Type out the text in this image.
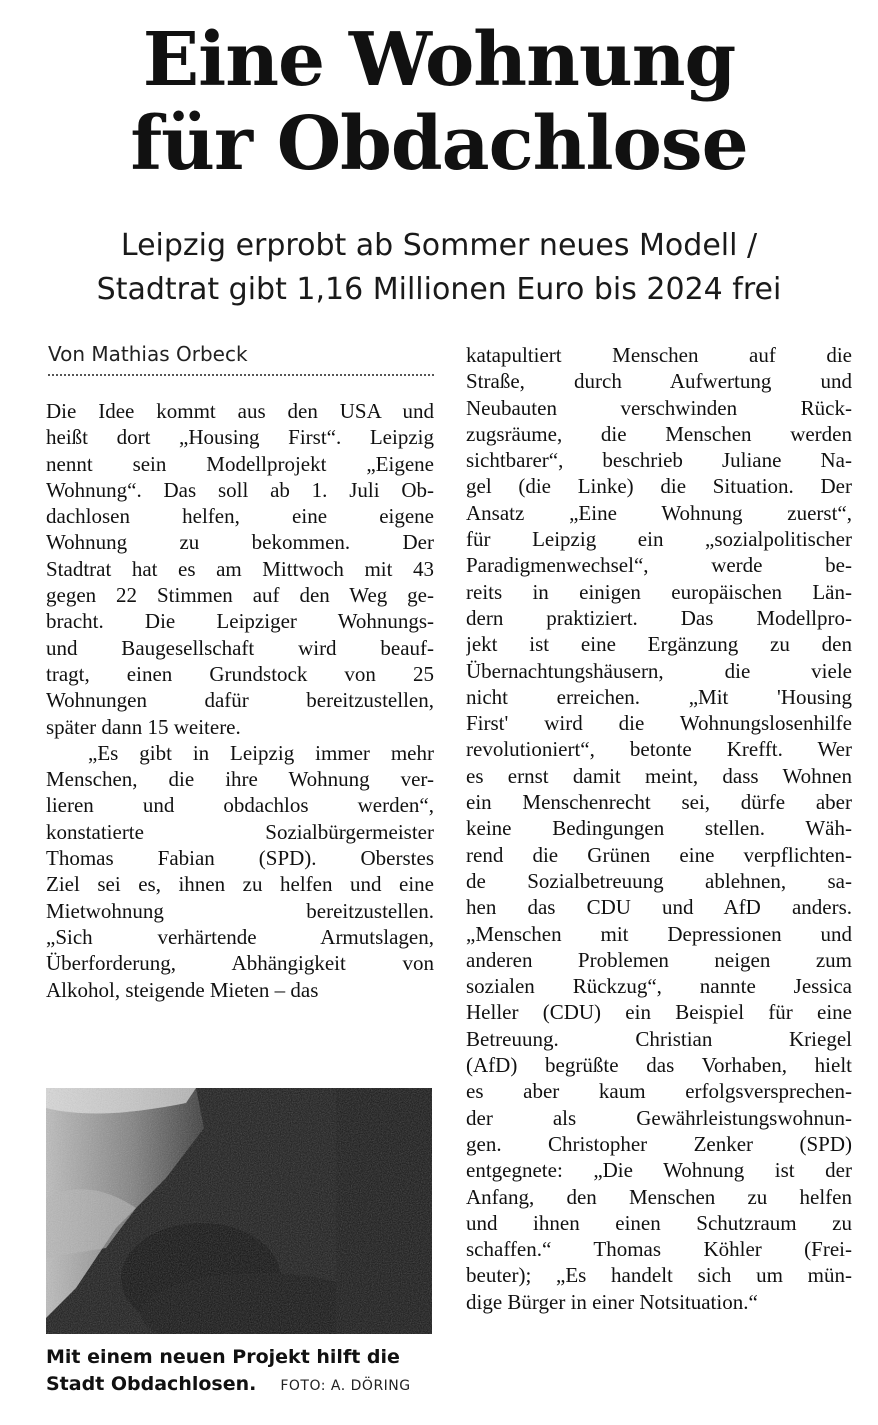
Eine Wohnung
für Obdachlose
Leipzig erprobt ab Sommer neues Modell /
Stadtrat gibt 1,16 Millionen Euro bis 2024 frei
Von Mathias Orbeck
Die Idee kommt aus den USA und
heißt dort „Housing First“. Leipzig
nennt sein Modellprojekt „Eigene
Wohnung“. Das soll ab 1. Juli Ob-
dachlosen helfen, eine eigene
Wohnung zu bekommen. Der
Stadtrat hat es am Mittwoch mit 43
gegen 22 Stimmen auf den Weg ge-
bracht. Die Leipziger Wohnungs-
und Baugesellschaft wird beauf-
tragt, einen Grundstock von 25
Wohnungen dafür bereitzustellen,
später dann 15 weitere.
„Es gibt in Leipzig immer mehr
Menschen, die ihre Wohnung ver-
lieren und obdachlos werden“,
konstatierte Sozialbürgermeister
Thomas Fabian (SPD). Oberstes
Ziel sei es, ihnen zu helfen und eine
Mietwohnung bereitzustellen.
„Sich verhärtende Armutslagen,
Überforderung, Abhängigkeit von
Alkohol, steigende Mieten – das
katapultiert Menschen auf die
Straße, durch Aufwertung und
Neubauten verschwinden Rück-
zugsräume, die Menschen werden
sichtbarer“, beschrieb Juliane Na-
gel (die Linke) die Situation. Der
Ansatz „Eine Wohnung zuerst“,
für Leipzig ein „sozialpolitischer
Paradigmenwechsel“, werde be-
reits in einigen europäischen Län-
dern praktiziert. Das Modellpro-
jekt ist eine Ergänzung zu den
Übernachtungshäusern, die viele
nicht erreichen. „Mit 'Housing
First' wird die Wohnungslosenhilfe
revolutioniert“, betonte Krefft. Wer
es ernst damit meint, dass Wohnen
ein Menschenrecht sei, dürfe aber
keine Bedingungen stellen. Wäh-
rend die Grünen eine verpflichten-
de Sozialbetreuung ablehnen, sa-
hen das CDU und AfD anders.
„Menschen mit Depressionen und
anderen Problemen neigen zum
sozialen Rückzug“, nannte Jessica
Heller (CDU) ein Beispiel für eine
Betreuung. Christian Kriegel
(AfD) begrüßte das Vorhaben, hielt
es aber kaum erfolgsversprechen-
der als Gewährleistungswohnun-
gen. Christopher Zenker (SPD)
entgegnete: „Die Wohnung ist der
Anfang, den Menschen zu helfen
und ihnen einen Schutzraum zu
schaffen.“ Thomas Köhler (Frei-
beuter); „Es handelt sich um mün-
dige Bürger in einer Notsituation.“
Mit einem neuen Projekt hilft die
Stadt Obdachlosen. FOTO: A. DÖRING
